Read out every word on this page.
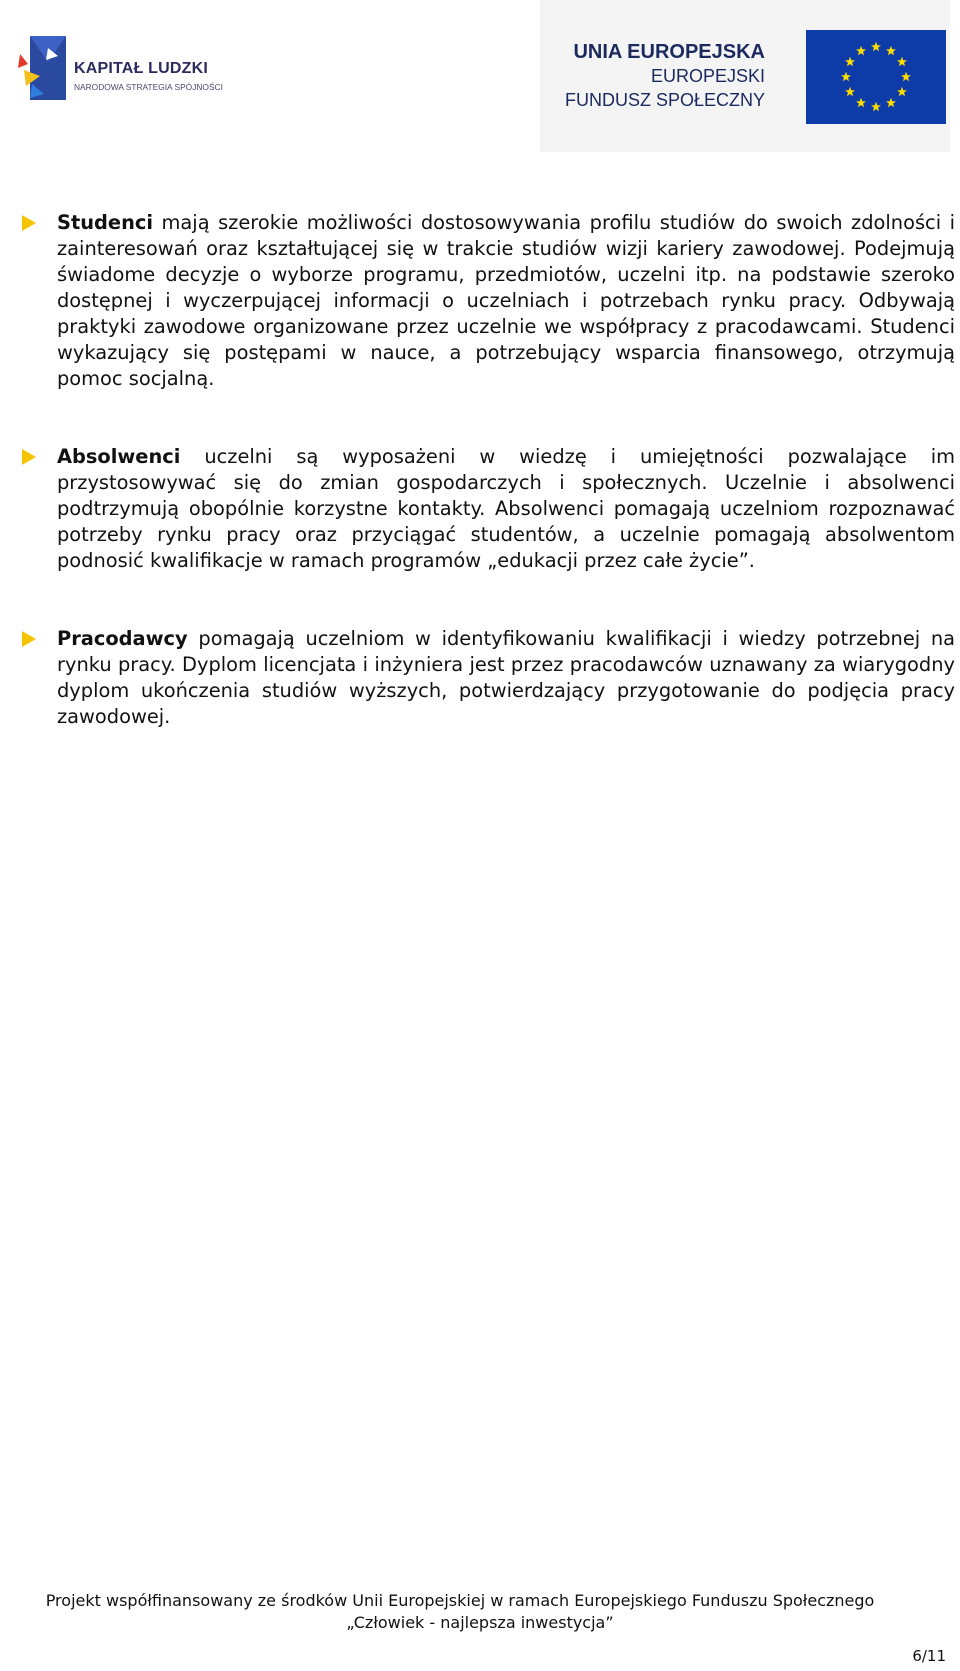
KAPITAŁ LUDZKI
NARODOWA STRATEGIA SPÓJNOŚCI
UNIA EUROPEJSKA
EUROPEJSKI
FUNDUSZ SPOŁECZNY
Studenci mają szerokie możliwości dostosowywania profilu studiów do swoich zdolności i zainteresowań oraz kształtującej się w trakcie studiów wizji kariery zawodowej. Podejmują świadome decyzje o wyborze programu, przedmiotów, uczelni itp. na podstawie szeroko dostępnej i wyczerpującej informacji o uczelniach i potrzebach rynku pracy. Odbywają praktyki zawodowe organizowane przez uczelnie we współpracy z pracodawcami. Studenci wykazujący się postępami w nauce, a potrzebujący wsparcia finansowego, otrzymują pomoc socjalną.
Absolwenci uczelni są wyposażeni w wiedzę i umiejętności pozwalające im przystosowywać się do zmian gospodarczych i społecznych. Uczelnie i absolwenci podtrzymują obopólnie korzystne kontakty. Absolwenci pomagają uczelniom rozpoznawać potrzeby rynku pracy oraz przyciągać studentów, a uczelnie pomagają absolwentom podnosić kwalifikacje w ramach programów „edukacji przez całe życie”.
Pracodawcy pomagają uczelniom w identyfikowaniu kwalifikacji i wiedzy potrzebnej na rynku pracy. Dyplom licencjata i inżyniera jest przez pracodawców uznawany za wiarygodny dyplom ukończenia studiów wyższych, potwierdzający przygotowanie do podjęcia pracy zawodowej.
Projekt współfinansowany ze środków Unii Europejskiej w ramach Europejskiego Funduszu Społecznego
„Człowiek - najlepsza inwestycja”
6/11
